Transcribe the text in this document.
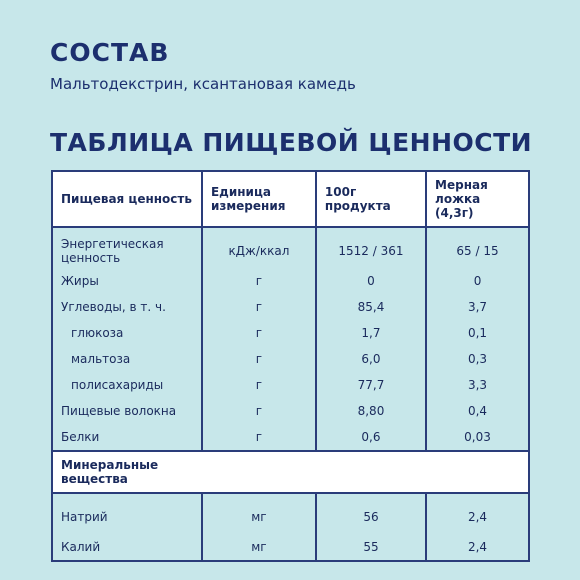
СОСТАВ
Мальтодекстрин, ксантановая камедь
ТАБЛИЦА ПИЩЕВОЙ ЦЕННОСТИ
Пищевая ценность	Единица измерения	100г продукта	Мерная ложка (4,3г)
Энергетическая ценность	кДж/ккал	1512 / 361	65 / 15
Жиры	г	0	0
Углеводы, в т. ч.	г	85,4	3,7
глюкоза	г	1,7	0,1
мальтоза	г	6,0	0,3
полисахариды	г	77,7	3,3
Пищевые волокна	г	8,80	0,4
Белки	г	0,6	0,03

Минеральные вещества			

Натрий	мг	56	2,4
Калий	мг	55	2,4
